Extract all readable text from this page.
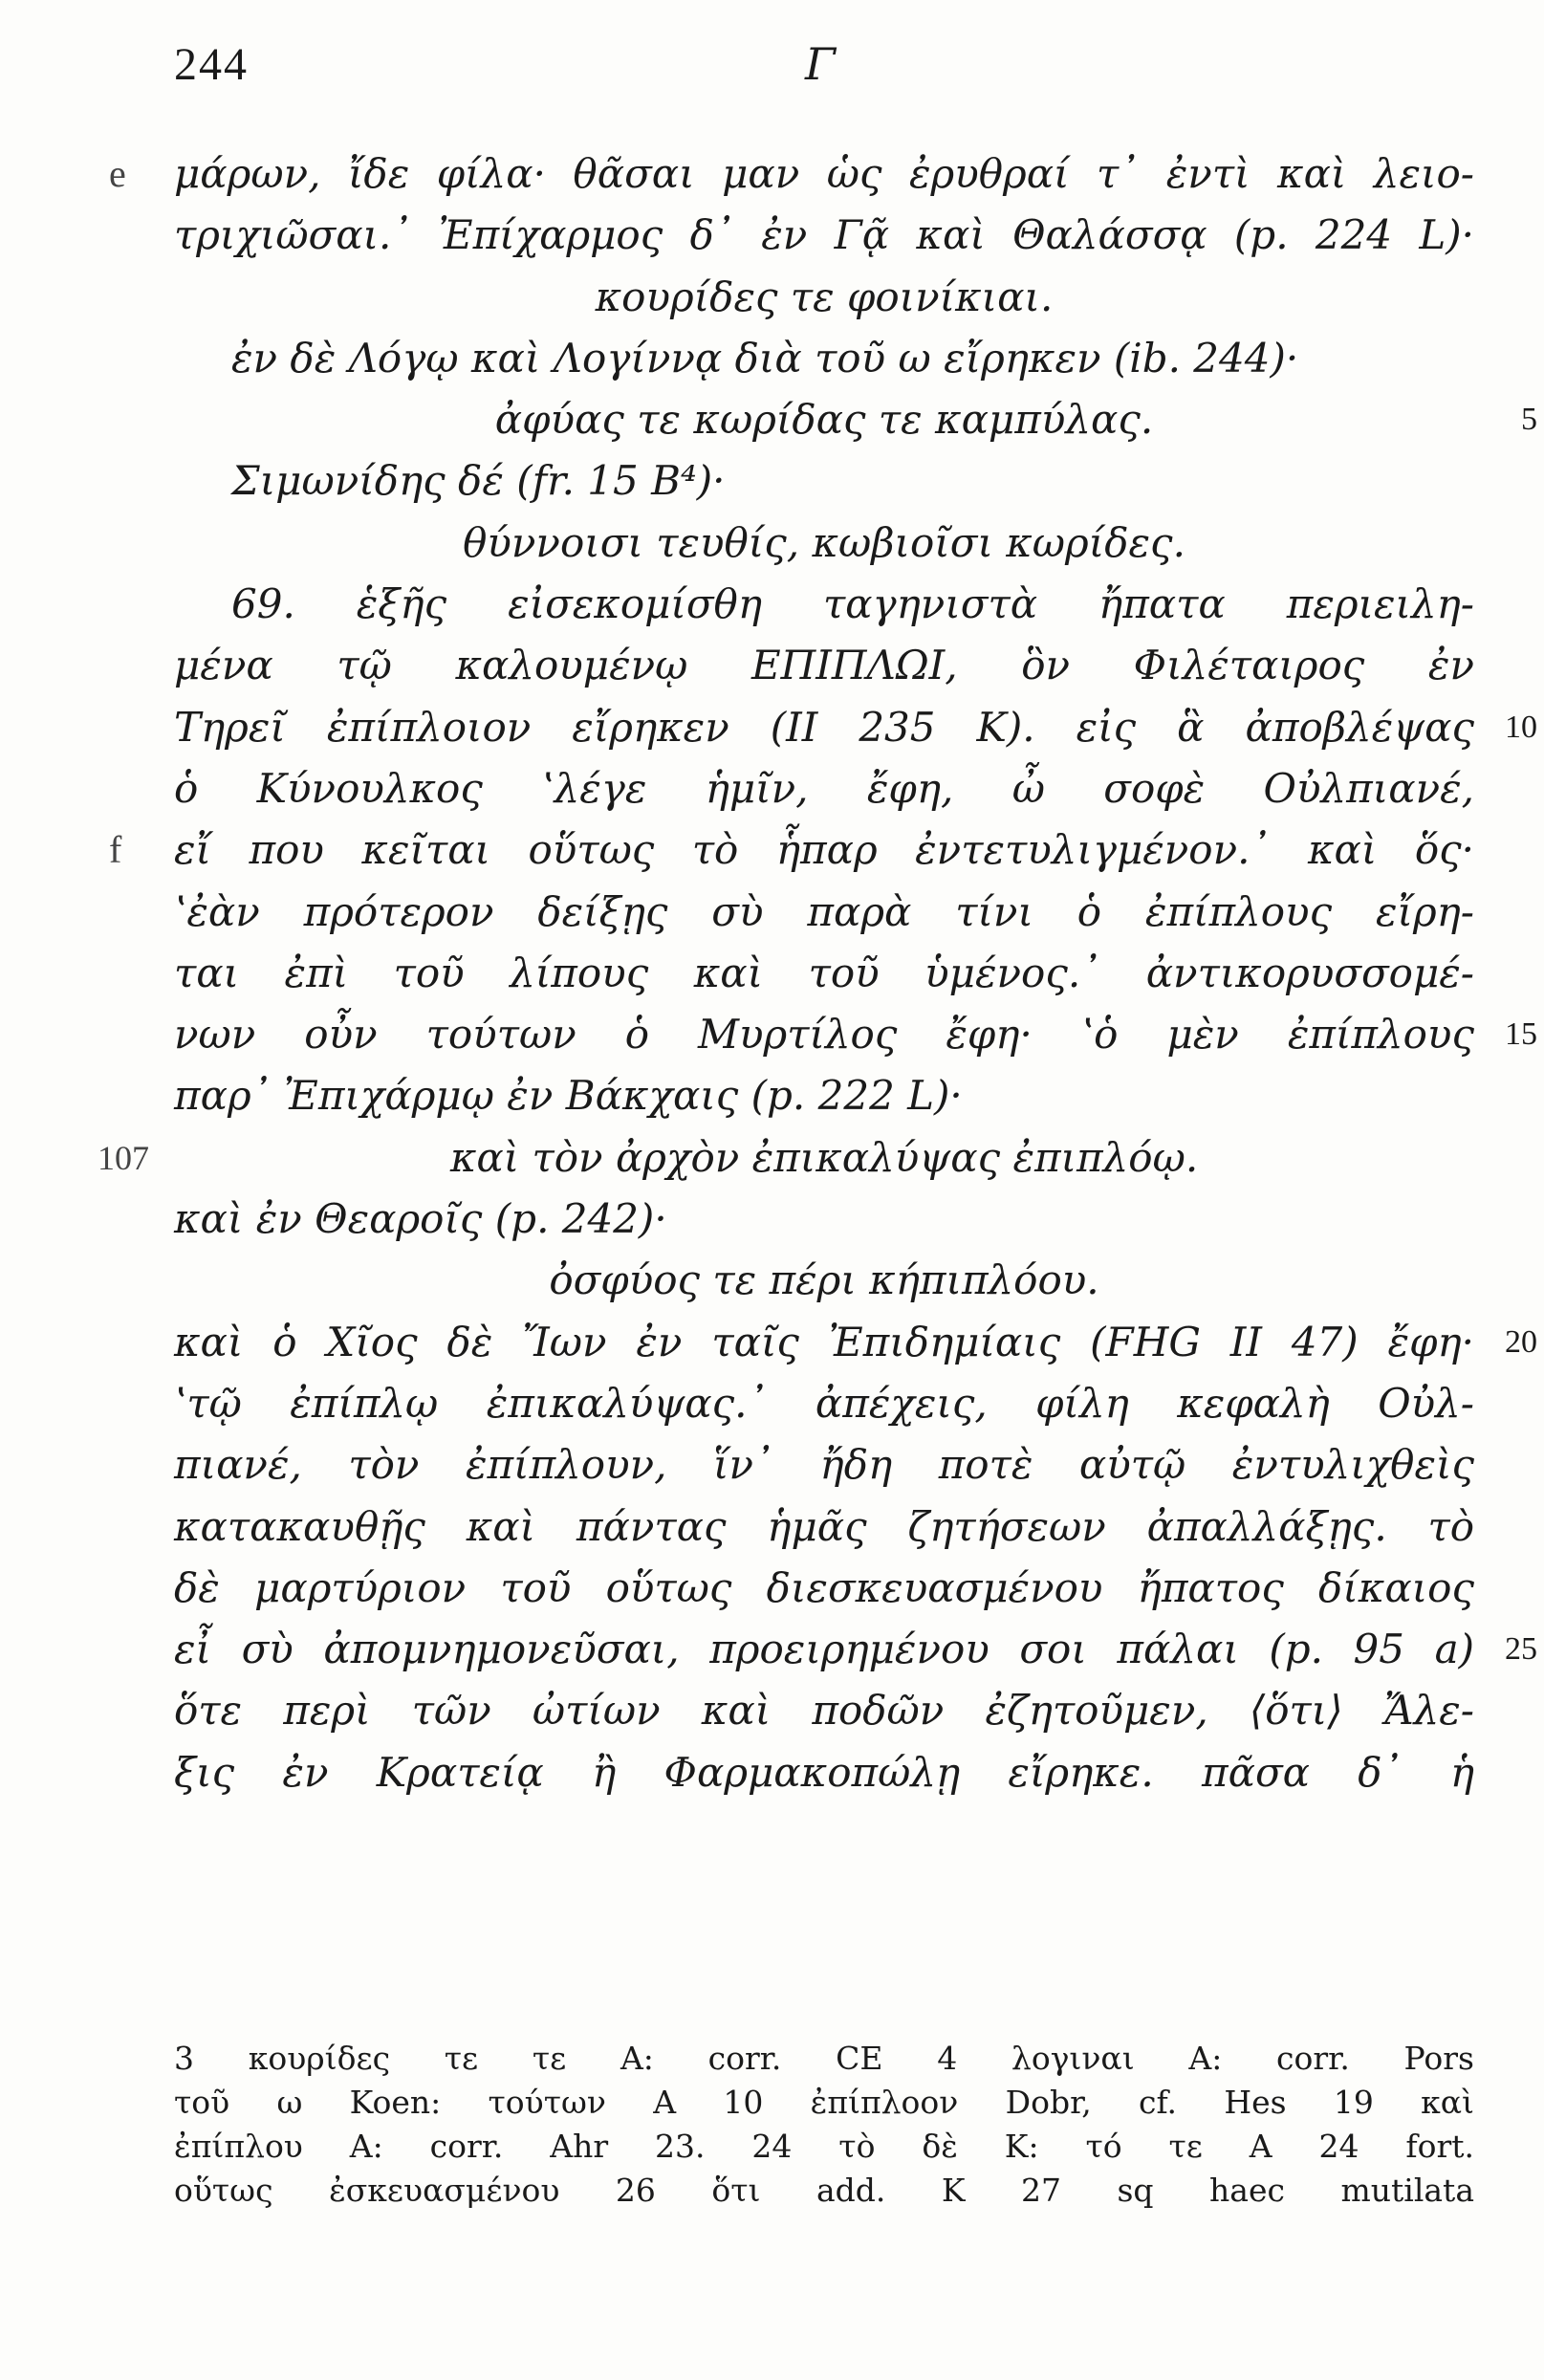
244	Γ
e μάρων, ἴδε φίλα· θᾶσαι μαν ὡς ἐρυθραί τ᾽ ἐντὶ καὶ λειο-
τριχιῶσαι.᾽ Ἐπίχαρμος δ᾽ ἐν Γᾷ καὶ Θαλάσσᾳ (p. 224 L)·
κουρίδες τε φοινίκιαι.
ἐν δὲ Λόγῳ καὶ Λογίννᾳ διὰ τοῦ ω εἴρηκεν (ib. 244)·
ἀφύας τε κωρίδας τε καμπύλας.	5
Σιμωνίδης δέ (fr. 15 B⁴)·
θύννοισι τευθίς, κωβιοῖσι κωρίδες.
69. ἑξῆς εἰσεκομίσθη ταγηνιστὰ ἤπατα περιειλη-
μένα τῷ καλουμένῳ ΕΠΙΠΛΩΙ, ὃν Φιλέταιρος ἐν
Τηρεῖ ἐπίπλοιον εἴρηκεν (II 235 K). εἰς ἃ ἀποβλέψας 10
ὁ Κύνουλκος ʽλέγε ἡμῖν, ἔφη, ὦ σοφὲ Οὐλπιανέ,
f εἴ που κεῖται οὕτως τὸ ἧπαρ ἐντετυλιγμένον.᾽ καὶ ὅς·
ʽἐὰν πρότερον δείξῃς σὺ παρὰ τίνι ὁ ἐπίπλους εἴρη-
ται ἐπὶ τοῦ λίπους καὶ τοῦ ὑμένος.᾽ ἀντικορυσσομέ-
νων οὖν τούτων ὁ Μυρτίλος ἔφη· ʽὁ μὲν ἐπίπλους 15
παρ᾽ Ἐπιχάρμῳ ἐν Βάκχαις (p. 222 L)·
107	καὶ τὸν ἀρχὸν ἐπικαλύψας ἐπιπλόῳ.
καὶ ἐν Θεαροῖς (p. 242)·
ὀσφύος τε πέρι κήπιπλόου.
καὶ ὁ Χῖος δὲ Ἴων ἐν ταῖς Ἐπιδημίαις (FHG II 47) ἔφη· 20
ʽτῷ ἐπίπλῳ ἐπικαλύψας.᾽ ἀπέχεις, φίλη κεφαλὴ Οὐλ-
πιανέ, τὸν ἐπίπλουν, ἵν᾽ ἤδη ποτὲ αὐτῷ ἐντυλιχθεὶς
κατακαυθῇς καὶ πάντας ἡμᾶς ζητήσεων ἀπαλλάξῃς. τὸ
δὲ μαρτύριον τοῦ οὕτως διεσκευασμένου ἤπατος δίκαιος
εἶ σὺ ἀπομνημονεῦσαι, προειρημένου σοι πάλαι (p. 95 a) 25
ὅτε περὶ τῶν ὠτίων καὶ ποδῶν ἐζητοῦμεν, ⟨ὅτι⟩ Ἄλε-
ξις ἐν Κρατείᾳ ἢ Φαρμακοπώλῃ εἴρηκε. πᾶσα δ᾽ ἡ
3 κουρίδες τε τε A: corr. CE 4 λογιναι A: corr. Pors
τοῦ ω Koen: τούτων A 10 ἐπίπλοον Dobr, cf. Hes 19 καὶ
ἐπίπλου A: corr. Ahr 23. 24 τὸ δὲ K: τό τε A 24 fort.
οὕτως ἐσκευασμένου 26 ὅτι add. K 27 sq haec mutilata
